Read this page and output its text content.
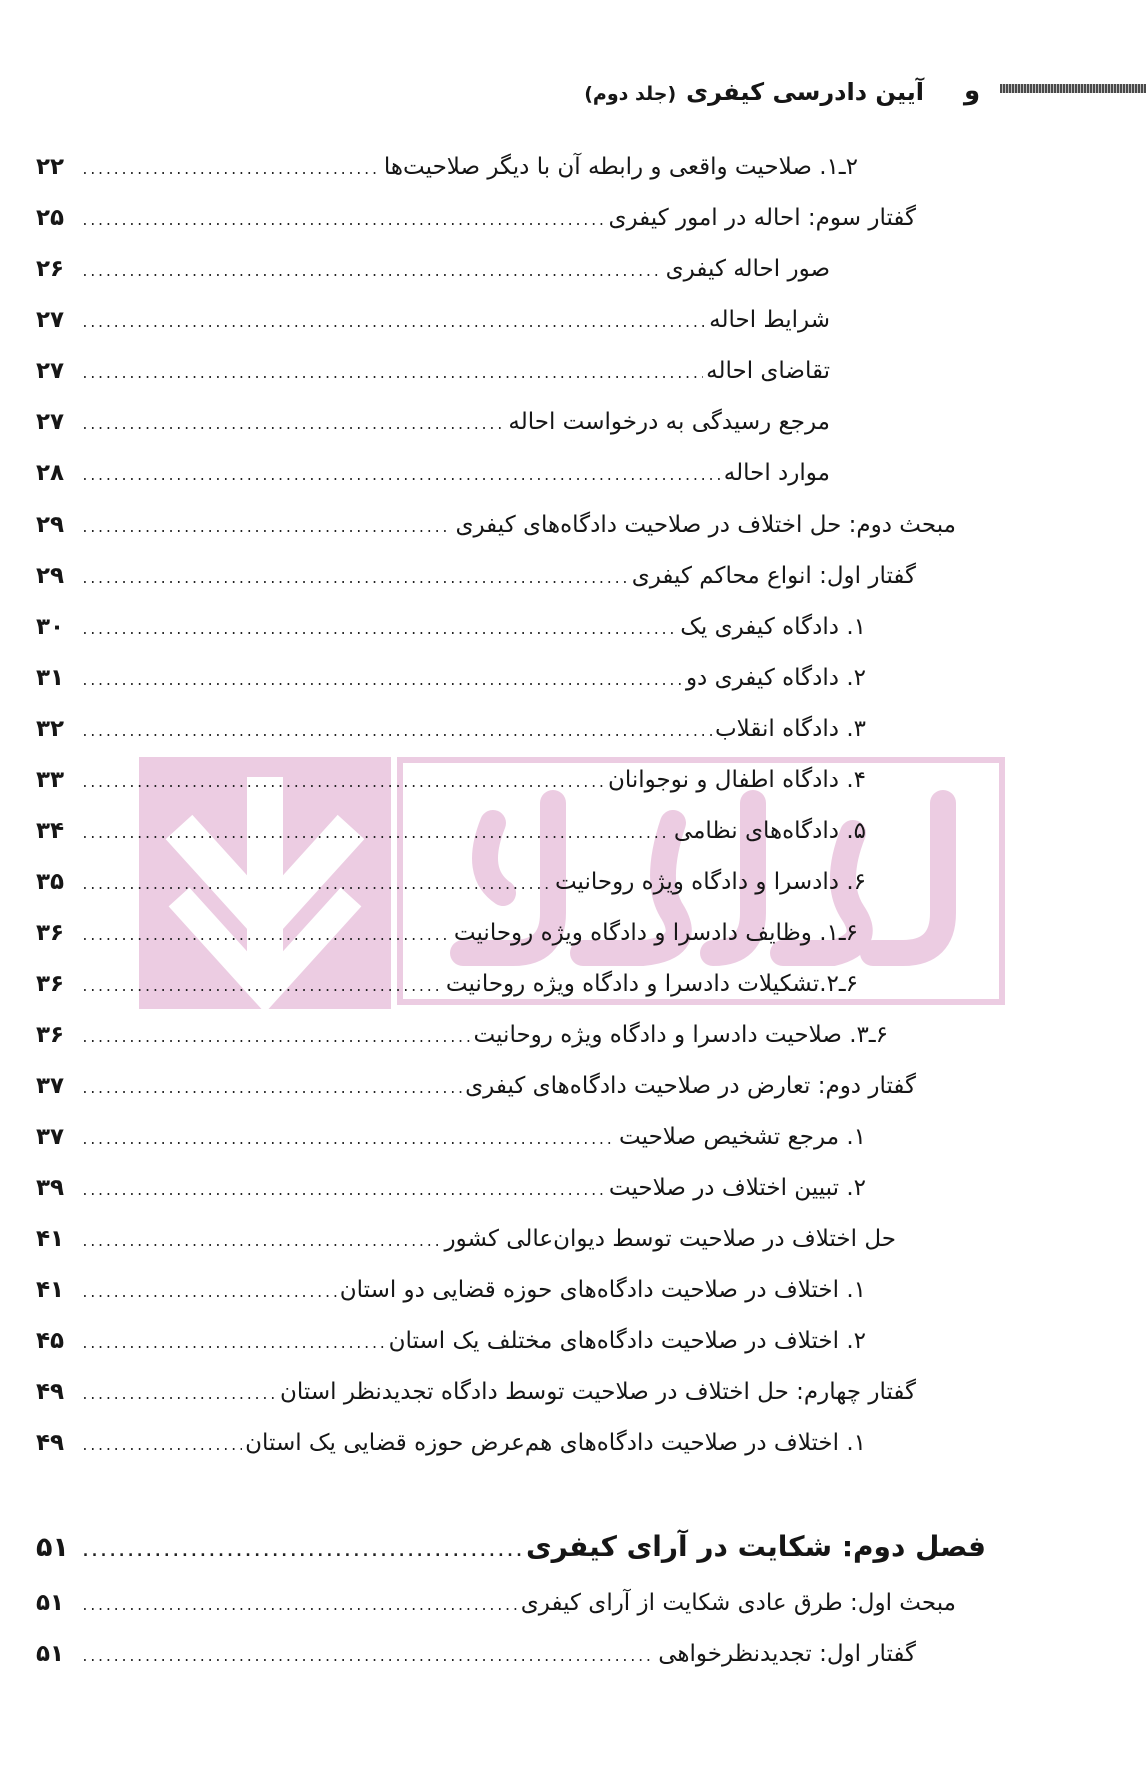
و
آیین دادرسی کیفری(جلد دوم)
۲ـ۱. صلاحیت واقعی و رابطه آن با دیگر صلاحیت‌ها
.....
۲۲
گفتار سوم: احاله در امور کیفری
.....
۲۵
صور احاله کیفری
.....
۲۶
شرایط احاله
.....
۲۷
تقاضای احاله
.....
۲۷
مرجع رسیدگی به درخواست احاله
.....
۲۷
موارد احاله
.....
۲۸
مبحث دوم: حل اختلاف در صلاحیت دادگاه‌های کیفری
.....
۲۹
گفتار اول: انواع محاکم کیفری
.....
۲۹
۱. دادگاه کیفری یک
.....
۳۰
۲. دادگاه کیفری دو
.....
۳۱
۳. دادگاه انقلاب
.....
۳۲
۴. دادگاه اطفال و نوجوانان
.....
۳۳
۵. دادگاه‌های نظامی
.....
۳۴
۶. دادسرا و دادگاه ویژه روحانیت
.....
۳۵
۶ـ۱. وظایف دادسرا و دادگاه ویژه روحانیت
.....
۳۶
۶ـ۲.تشکیلات دادسرا و دادگاه ویژه روحانیت
.....
۳۶
۶ـ۳. صلاحیت دادسرا و دادگاه ویژه روحانیت
.....
۳۶
گفتار دوم: تعارض در صلاحیت دادگاه‌های کیفری
.....
۳۷
۱. مرجع تشخیص صلاحیت
.....
۳۷
۲. تبیین اختلاف در صلاحیت
.....
۳۹
حل اختلاف در صلاحیت توسط دیوان‌عالی کشور
.....
۴۱
۱. اختلاف در صلاحیت دادگاه‌های حوزه قضایی دو استان
.....
۴۱
۲. اختلاف در صلاحیت دادگاه‌های مختلف یک استان
.....
۴۵
گفتار چهارم: حل اختلاف در صلاحیت توسط دادگاه تجدیدنظر استان
.....
۴۹
۱. اختلاف در صلاحیت دادگاه‌های هم‌عرض حوزه قضایی یک استان
.....
۴۹
فصل دوم: شکایت در آرای کیفری
.....
۵۱
مبحث اول: طرق عادی شکایت از آرای کیفری
.....
۵۱
گفتار اول: تجدیدنظرخواهی
.....
۵۱
